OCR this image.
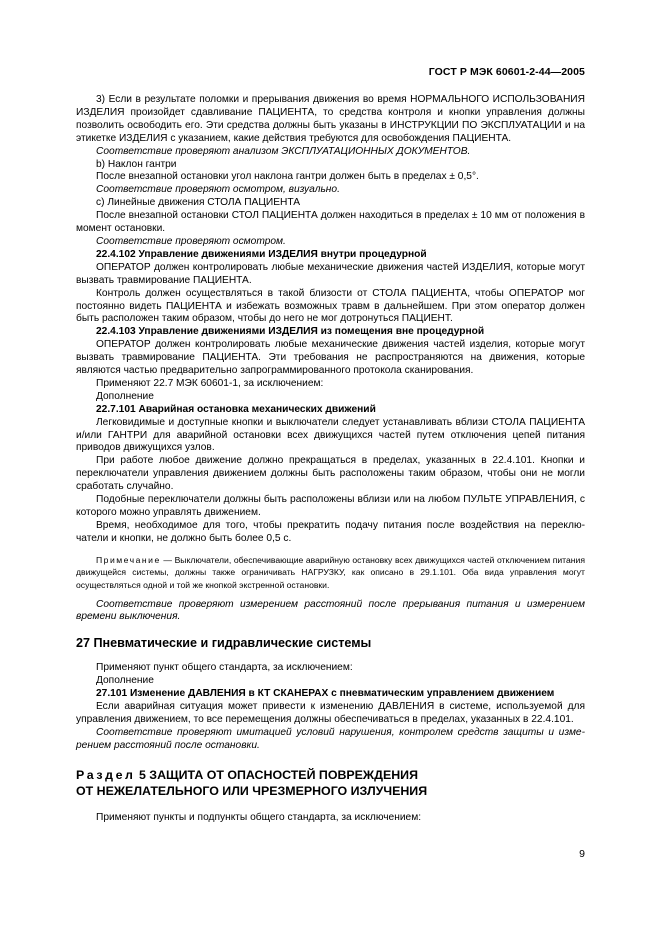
ГОСТ Р МЭК 60601-2-44—2005

3) Если в результате поломки и прерывания движения во время НОРМАЛЬНОГО ИСПОЛЬЗОВАНИЯ ИЗДЕЛИЯ произойдет сдавливание ПАЦИЕНТА, то средства контроля и кнопки управления должны позволить освободить его. Эти средства должны быть указаны в ИНСТРУКЦИИ ПО ЭКСПЛУАТАЦИИ и на этикетке ИЗДЕЛИЯ с указанием, какие действия требуются для освобождения ПАЦИЕНТА.

Соответствие проверяют анализом ЭКСПЛУАТАЦИОННЫХ ДОКУМЕНТОВ.

b) Наклон гантри

После внезапной остановки угол наклона гантри должен быть в пределах ± 0,5°.

Соответствие проверяют осмотром, визуально.

с) Линейные движения СТОЛА ПАЦИЕНТА

После внезапной остановки СТОЛ ПАЦИЕНТА должен находиться в пределах ± 10 мм от положения в момент остановки.

Соответствие проверяют осмотром.

22.4.102 Управление движениями ИЗДЕЛИЯ внутри процедурной

ОПЕРАТОР должен контролировать любые механические движения частей ИЗДЕЛИЯ, которые могут вызвать травмирование ПАЦИЕНТА.

Контроль должен осуществляться в такой близости от СТОЛА ПАЦИЕНТА, чтобы ОПЕРАТОР мог постоянно видеть ПАЦИЕНТА и избежать возможных травм в дальнейшем. При этом оператор должен быть расположен таким образом, чтобы до него не мог дотронуться ПАЦИЕНТ.

22.4.103 Управление движениями ИЗДЕЛИЯ из помещения вне процедурной

ОПЕРАТОР должен контролировать любые механические движения частей изделия, которые могут вызвать травмирование ПАЦИЕНТА. Эти требования не распространяются на движения, которые являются частью предварительно запрограммированного протокола сканирования.

Применяют 22.7 МЭК 60601-1, за исключением:

Дополнение

22.7.101 Аварийная остановка механических движений

Легковидимые и доступные кнопки и выключатели следует устанавливать вблизи СТОЛА ПАЦИЕНТА и/или ГАНТРИ для аварийной остановки всех движущихся частей путем отключения цепей питания приводов движущихся узлов.

При работе любое движение должно прекращаться в пределах, указанных в 22.4.101. Кнопки и переключатели управления движением должны быть расположены таким образом, чтобы они не могли сработать случайно.

Подобные переключатели должны быть расположены вблизи или на любом ПУЛЬТЕ УПРАВЛЕНИЯ, с которого можно управлять движением.

Время, необходимое для того, чтобы прекратить подачу питания после воздействия на переключатели и кнопки, не должно быть более 0,5 с.

Примечание — Выключатели, обеспечивающие аварийную остановку всех движущихся частей отключением питания движущейся системы, должны также ограничивать НАГРУЗКУ, как описано в 29.1.101. Оба вида управления могут осуществляться одной и той же кнопкой экстренной остановки.

Соответствие проверяют измерением расстояний после прерывания питания и измерением времени выключения.

27 Пневматические и гидравлические системы

Применяют пункт общего стандарта, за исключением:

Дополнение

27.101 Изменение ДАВЛЕНИЯ в КТ СКАНЕРАХ с пневматическим управлением движением

Если аварийная ситуация может привести к изменению ДАВЛЕНИЯ в системе, используемой для управления движением, то все перемещения должны обеспечиваться в пределах, указанных в 22.4.101.

Соответствие проверяют имитацией условий нарушения, контролем средств защиты и измерением расстояний после остановки.

Раздел 5 ЗАЩИТА ОТ ОПАСНОСТЕЙ ПОВРЕЖДЕНИЯ
ОТ НЕЖЕЛАТЕЛЬНОГО ИЛИ ЧРЕЗМЕРНОГО ИЗЛУЧЕНИЯ

Применяют пункты и подпункты общего стандарта, за исключением:

9
